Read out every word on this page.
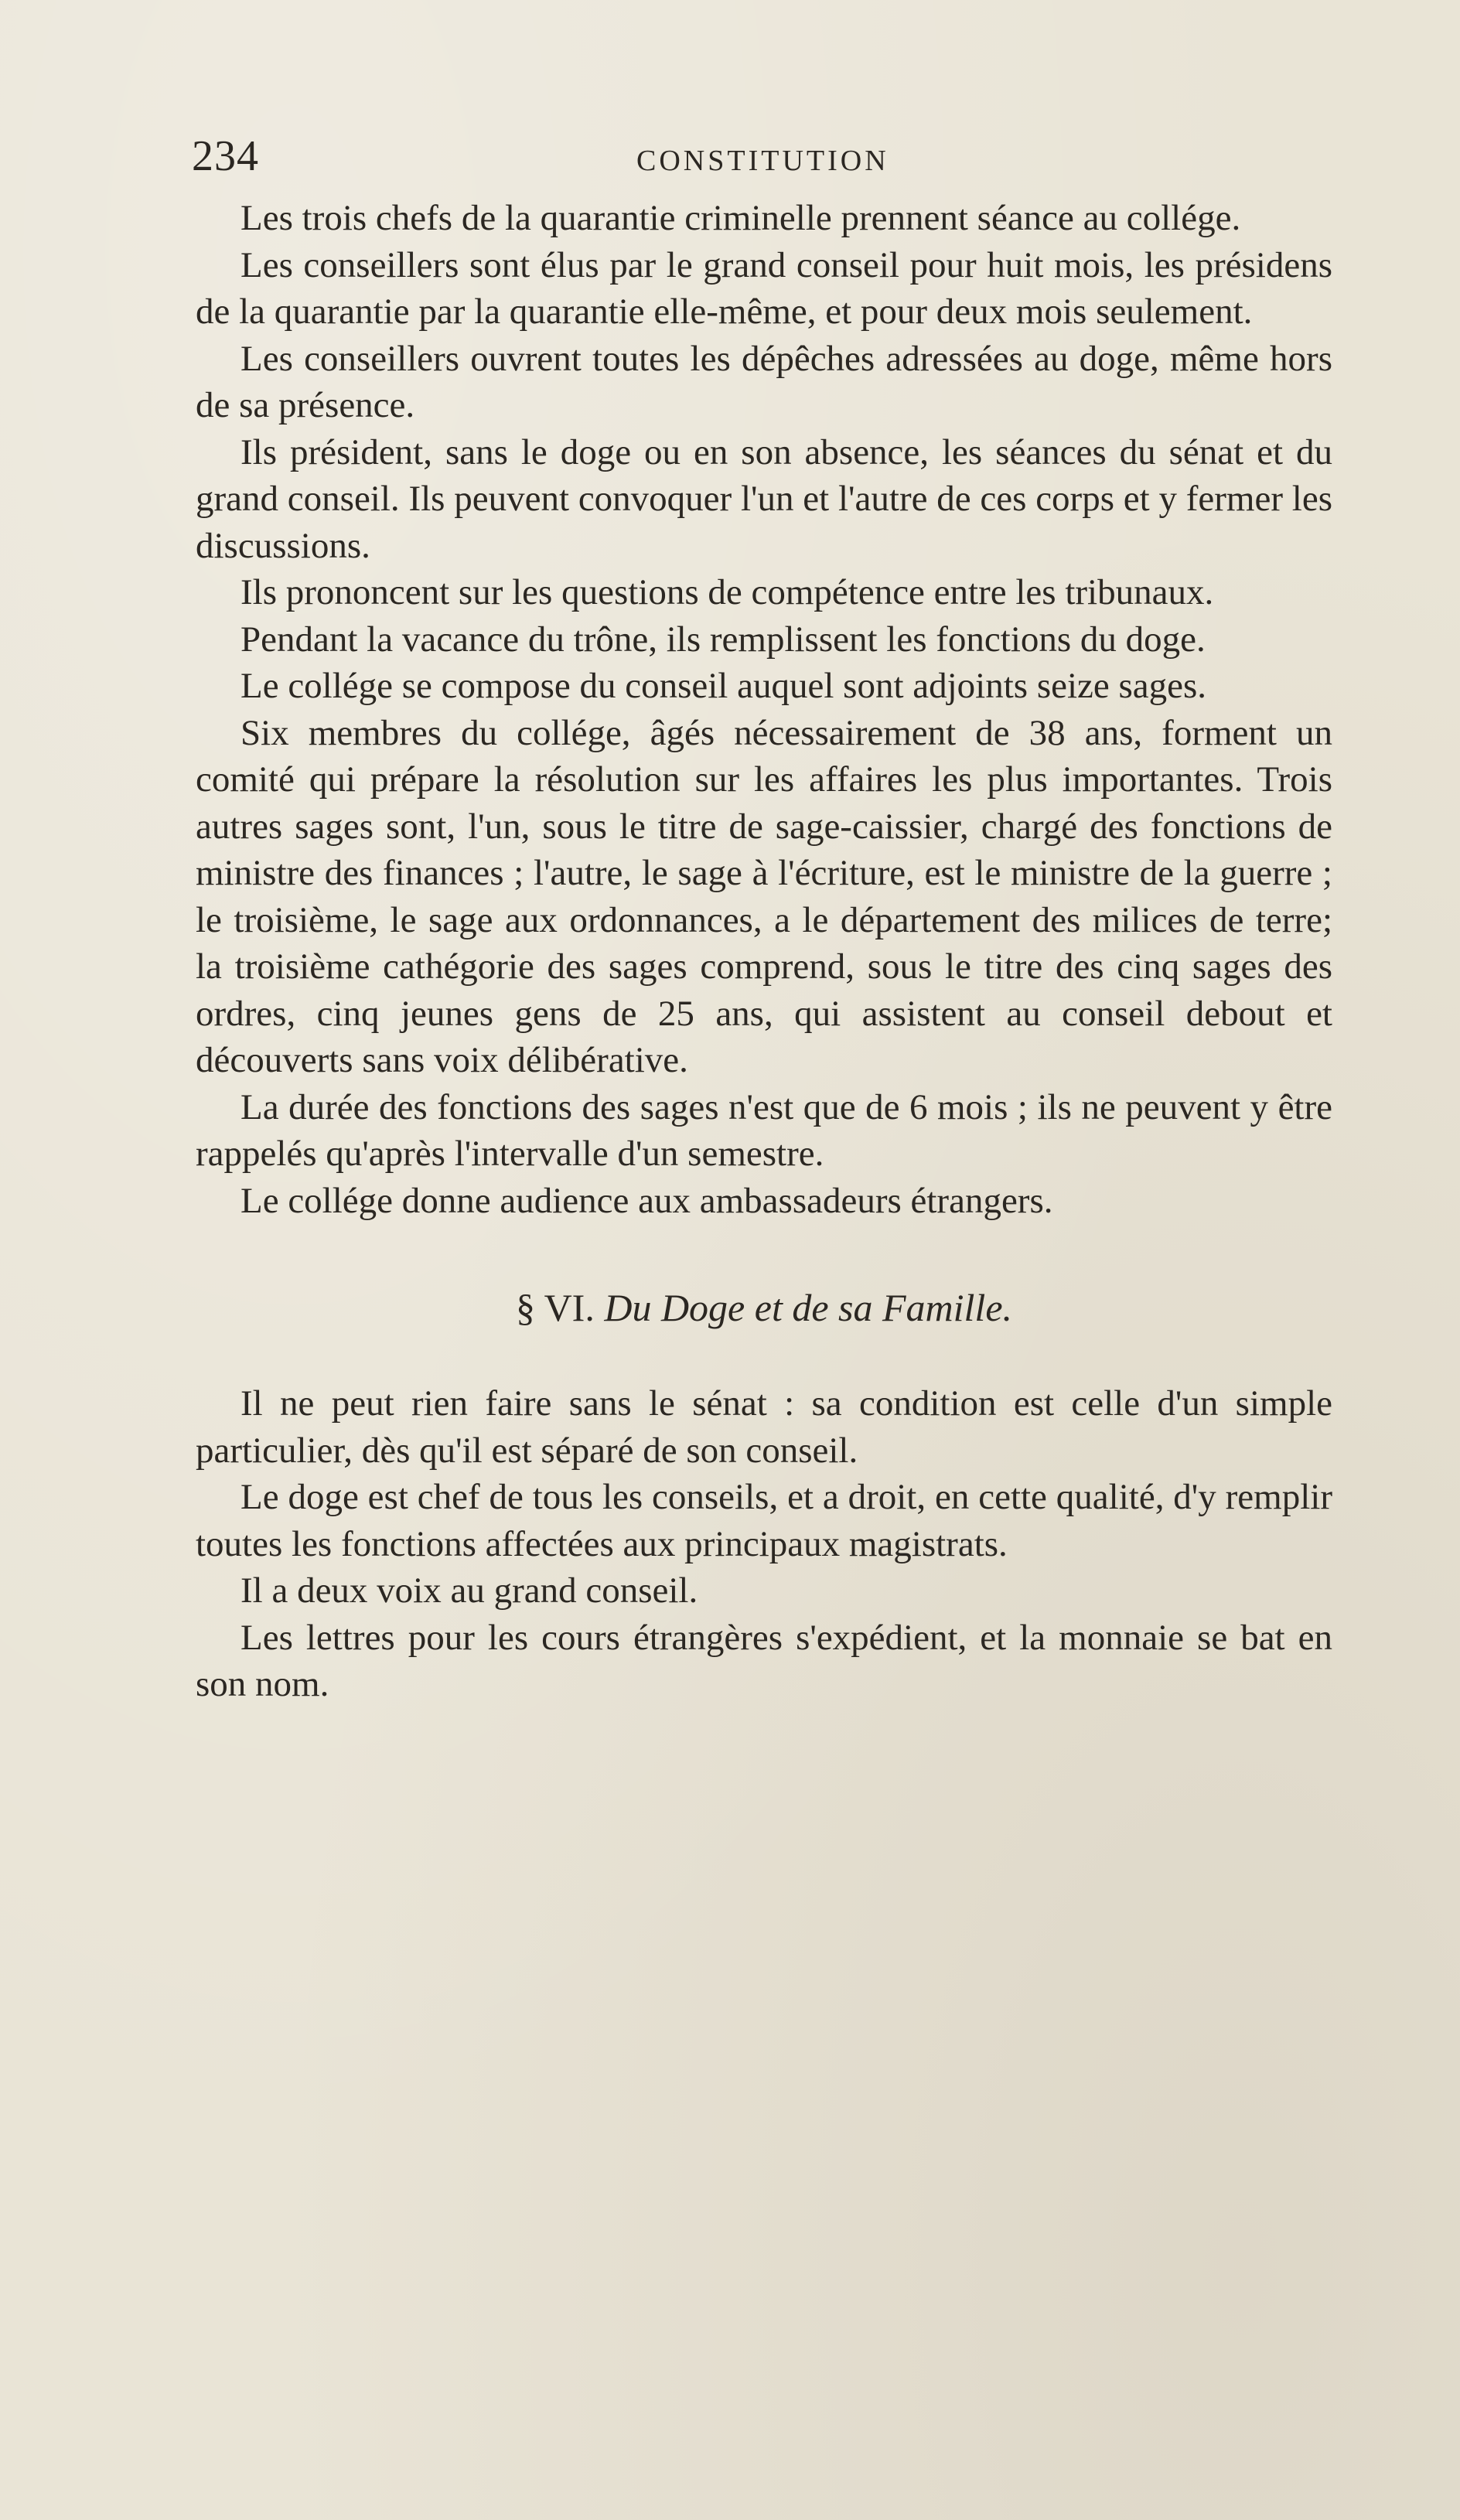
234	CONSTITUTION

Les trois chefs de la quarantie criminelle prennent séance au collége.

Les conseillers sont élus par le grand conseil pour huit mois, les présidens de la quarantie par la quarantie elle-même, et pour deux mois seulement.

Les conseillers ouvrent toutes les dépêches adressées au doge, même hors de sa présence.

Ils président, sans le doge ou en son absence, les séances du sénat et du grand conseil. Ils peuvent convoquer l'un et l'autre de ces corps et y fermer les discussions.

Ils prononcent sur les questions de compétence entre les tribunaux.

Pendant la vacance du trône, ils remplissent les fonctions du doge.

Le collége se compose du conseil auquel sont adjoints seize sages.

Six membres du collége, âgés nécessairement de 38 ans, forment un comité qui prépare la résolution sur les affaires les plus importantes. Trois autres sages sont, l'un, sous le titre de sage-caissier, chargé des fonctions de ministre des finances ; l'autre, le sage à l'écriture, est le ministre de la guerre ; le troisième, le sage aux ordonnances, a le département des milices de terre; la troisième cathégorie des sages comprend, sous le titre des cinq sages des ordres, cinq jeunes gens de 25 ans, qui assistent au conseil debout et découverts sans voix délibérative.

La durée des fonctions des sages n'est que de 6 mois ; ils ne peuvent y être rappelés qu'après l'intervalle d'un semestre.

Le collége donne audience aux ambassadeurs étrangers.

§ VI. Du Doge et de sa Famille.

Il ne peut rien faire sans le sénat : sa condition est celle d'un simple particulier, dès qu'il est séparé de son conseil.

Le doge est chef de tous les conseils, et a droit, en cette qualité, d'y remplir toutes les fonctions affectées aux principaux magistrats.

Il a deux voix au grand conseil.

Les lettres pour les cours étrangères s'expédient, et la monnaie se bat en son nom.
